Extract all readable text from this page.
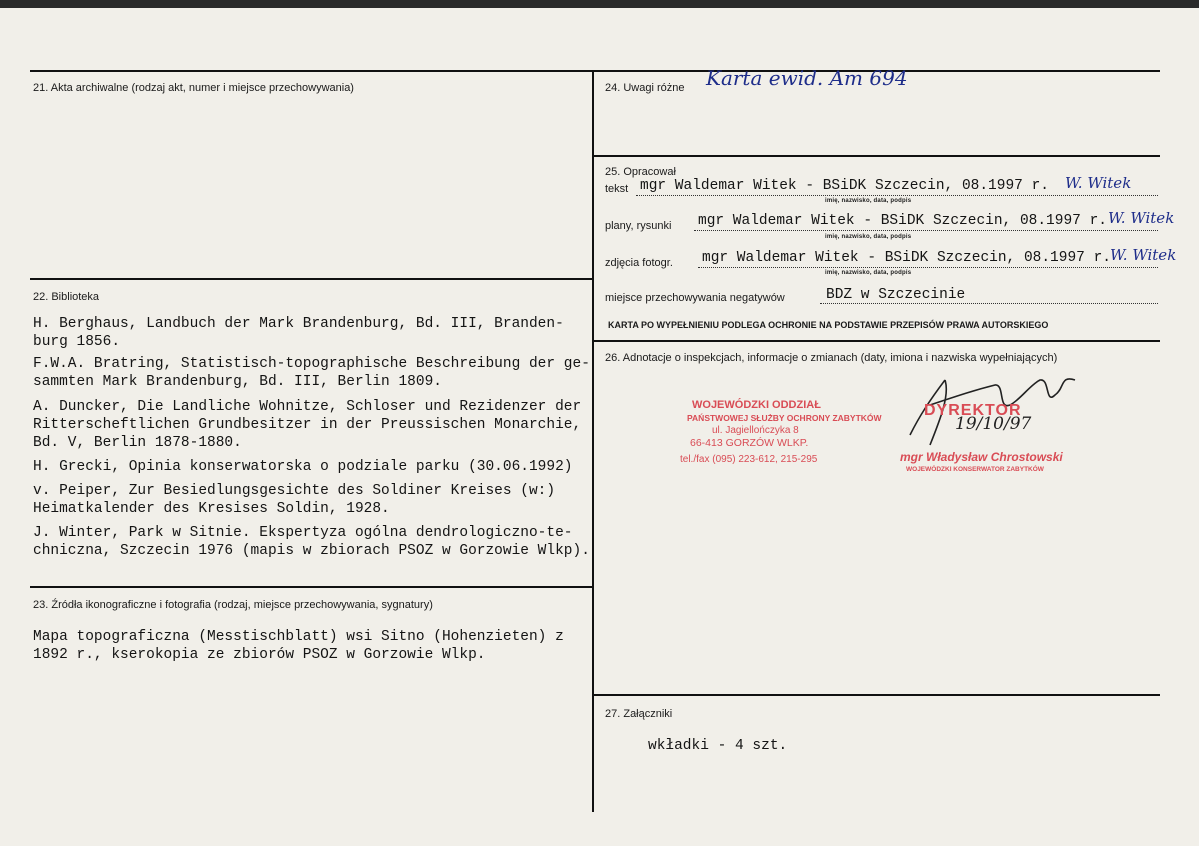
21. Akta archiwalne (rodzaj akt, numer i miejsce przechowywania)
22. Biblioteka
H. Berghaus, Landbuch der Mark Brandenburg, Bd. III, Branden-
burg 1856.
F.W.A. Bratring, Statistisch-topographische Beschreibung der ge-
sammten Mark Brandenburg, Bd. III, Berlin 1809.
A. Duncker, Die Landliche Wohnitze, Schloser und Rezidenzer der
Ritterscheftlichen Grundbesitzer in der Preussischen Monarchie,
Bd. V, Berlin 1878-1880.
H. Grecki, Opinia konserwatorska o podziale parku (30.06.1992)
v. Peiper, Zur Besiedlungsgesichte des Soldiner Kreises (w:)
Heimatkalender des Kresises Soldin, 1928.
J. Winter, Park w Sitnie. Ekspertyza ogólna dendrologiczno-te-
chniczna, Szczecin 1976 (mapis w zbiorach PSOZ w Gorzowie Wlkp).
23. Źródła ikonograficzne i fotografia (rodzaj, miejsce przechowywania, sygnatury)
Mapa topograficzna (Messtischblatt) wsi Sitno (Hohenzieten) z
1892 r., kserokopia ze zbiorów PSOZ w Gorzowie Wlkp.
24. Uwagi różne Karta ewid. Am 694
25. Opracował
tekst mgr Waldemar Witek - BSiDK Szczecin, 08.1997 r. W. Witek
imię, nazwisko, data, podpis
plany, rysunki mgr Waldemar Witek - BSiDK Szczecin, 08.1997 r. W. Witek
imię, nazwisko, data, podpis
zdjęcia fotogr. mgr Waldemar Witek - BSiDK Szczecin, 08.1997 r. W. Witek
imię, nazwisko, data, podpis
miejsce przechowywania negatywów	BDZ w Szczecinie
KARTA PO WYPEŁNIENIU PODLEGA OCHRONIE NA PODSTAWIE PRZEPISÓW PRAWA AUTORSKIEGO
26. Adnotacje o inspekcjach, informacje o zmianach (daty, imiona i nazwiska wypełniających)
WOJEWÓDZKI ODDZIAŁ
PAŃSTWOWEJ SŁUŻBY OCHRONY ZABYTKÓW
ul. Jagiellończyka 8
66-413 GORZÓW WLKP.
tel./fax (095) 223-612, 215-295
DYREKTOR
19/10/97
mgr Władysław Chrostowski
WOJEWÓDZKI KONSERWATOR ZABYTKÓW
27. Załączniki
wkładki - 4 szt.
